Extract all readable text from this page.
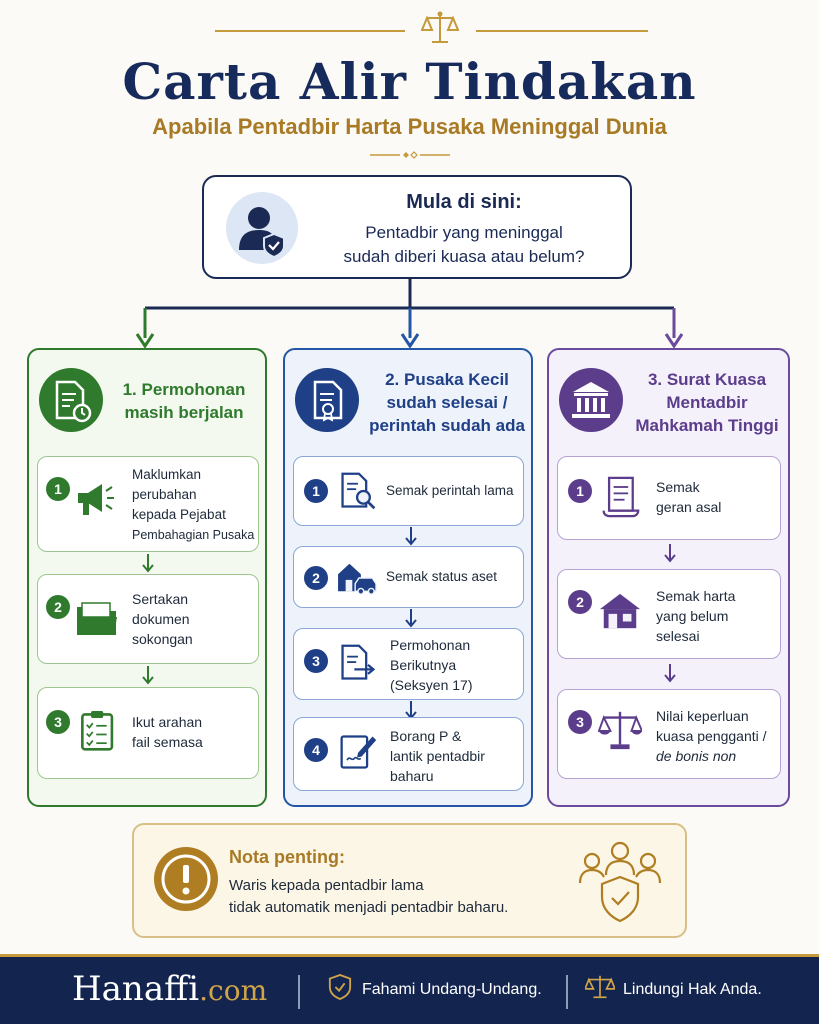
Carta Alir Tindakan
Apabila Pentadbir Harta Pusaka Meninggal Dunia
Mula di sini:
Pentadbir yang meninggal
sudah diberi kuasa atau belum?
1. Permohonan
masih berjalan
1
Maklumkan
perubahan
kepada Pejabat
Pembahagian Pusaka
2	Sertakan
dokumen
sokongan
3	Ikut arahan
fail semasa
2. Pusaka Kecil
sudah selesai /
perintah sudah ada
1	Semak perintah lama
2	Semak status aset
3
Permohonan
Berikutnya
(Seksyen 17)
4
Borang P &
lantik pentadbir
baharu
3. Surat Kuasa
Mentadbir
Mahkamah Tinggi
1	Semak
geran asal
2	Semak harta
yang belum
selesai
3	Nilai keperluan
kuasa pengganti /
de bonis non
Nota penting:
Waris kepada pentadbir lama
tidak automatik menjadi pentadbir baharu.
Hanaffi.com	Fahami Undang-Undang.	Lindungi Hak Anda.
